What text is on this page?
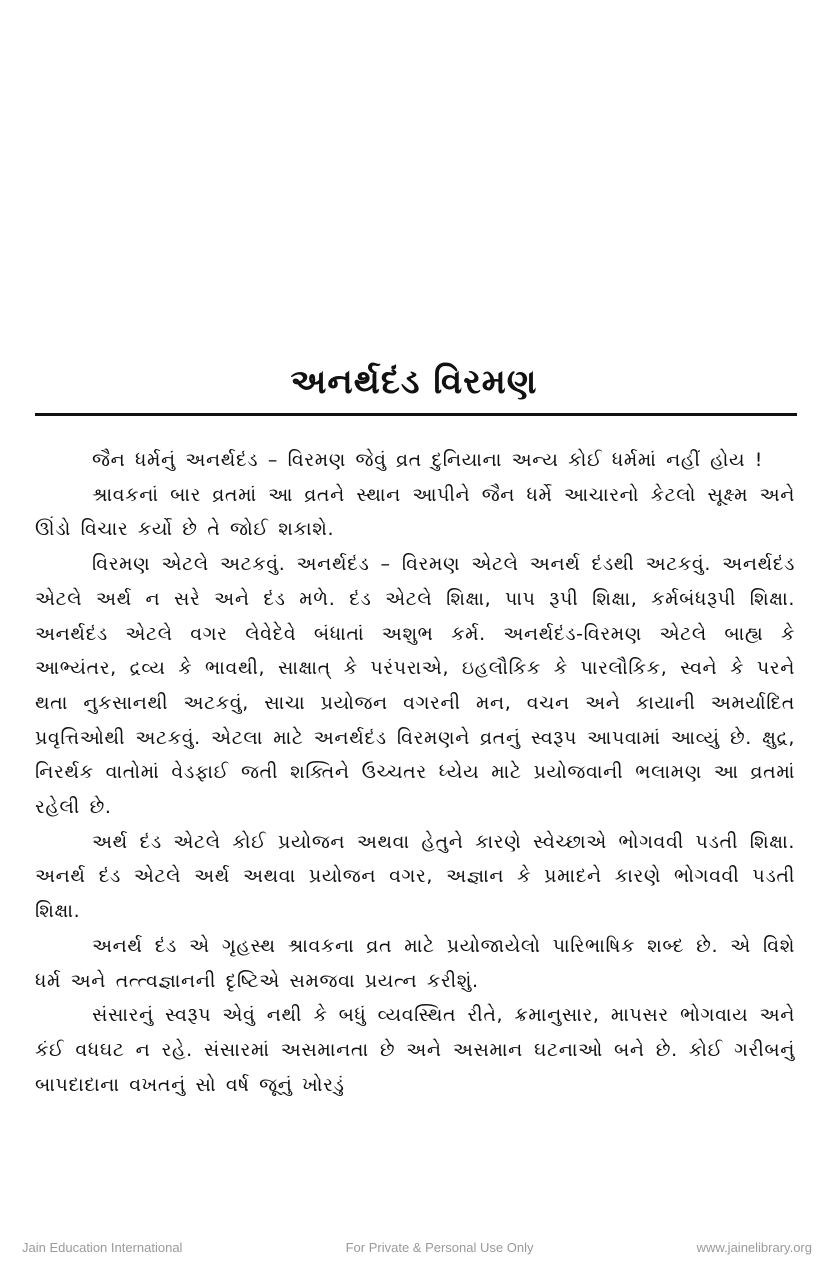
અનર્થદંડ વિરમણ

જૈન ધર્મનું અનર્થદંડ – વિરમણ જેવું વ્રત દુનિયાના અન્ય કોઈ ધર્મમાં નહીં હોય !

શ્રાવકનાં બાર વ્રતમાં આ વ્રતને સ્થાન આપીને જૈન ધર્મે આચારનો કેટલો સૂક્ષ્મ અને ઊંડો વિચાર કર્યો છે તે જોઈ શકાશે.

વિરમણ એટલે અટકવું. અનર્થદંડ – વિરમણ એટલે અનર્થ દંડથી અટકવું. અનર્થદંડ એટલે અર્થ ન સરે અને દંડ મળે. દંડ એટલે શિક્ષા, પાપ રૂપી શિક્ષા, કર્મબંધરૂપી શિક્ષા. અનર્થદંડ એટલે વગર લેવેદેવે બંધાતાં અશુભ કર્મ. અનર્થદંડ-વિરમણ એટલે બાહ્ય કે આભ્યંતર, દ્રવ્ય કે ભાવથી, સાક્ષાત્ કે પરંપરાએ, ઇહલૌકિક કે પારલૌકિક, સ્વને કે પરને થતા નુકસાનથી અટકવું, સાચા પ્રયોજન વગરની મન, વચન અને કાયાની અમર્યાદિત પ્રવૃત્તિઓથી અટકવું. એટલા માટે અનર્થદંડ વિરમણને વ્રતનું સ્વરૂપ આપવામાં આવ્યું છે. ક્ષુદ્ર, નિરર્થક વાતોમાં વેડફાઈ જતી શક્તિને ઉચ્ચતર ધ્યેય માટે પ્રયોજવાની ભલામણ આ વ્રતમાં રહેલી છે.

અર્થ દંડ એટલે કોઈ પ્રયોજન અથવા હેતુને કારણે સ્વેચ્છાએ ભોગવવી પડતી શિક્ષા. અનર્થ દંડ એટલે અર્થ અથવા પ્રયોજન વગર, અજ્ઞાન કે પ્રમાદને કારણે ભોગવવી પડતી શિક્ષા.

અનર્થ દંડ એ ગૃહસ્થ શ્રાવકના વ્રત માટે પ્રયોજાયેલો પારિભાષિક શબ્દ છે. એ વિશે ધર્મ અને તત્ત્વજ્ઞાનની દૃષ્ટિએ સમજવા પ્રયત્ન કરીશું.

સંસારનું સ્વરૂપ એવું નથી કે બધું વ્યવસ્થિત રીતે, ક્રમાનુસાર, માપસર ભોગવાય અને કંઈ વધઘટ ન રહે. સંસારમાં અસમાનતા છે અને અસમાન ઘટનાઓ બને છે. કોઈ ગરીબનું બાપદાદાના વખતનું સો વર્ષ જૂનું ખોરડું

Jain Education International	For Private & Personal Use Only	www.jainelibrary.org
